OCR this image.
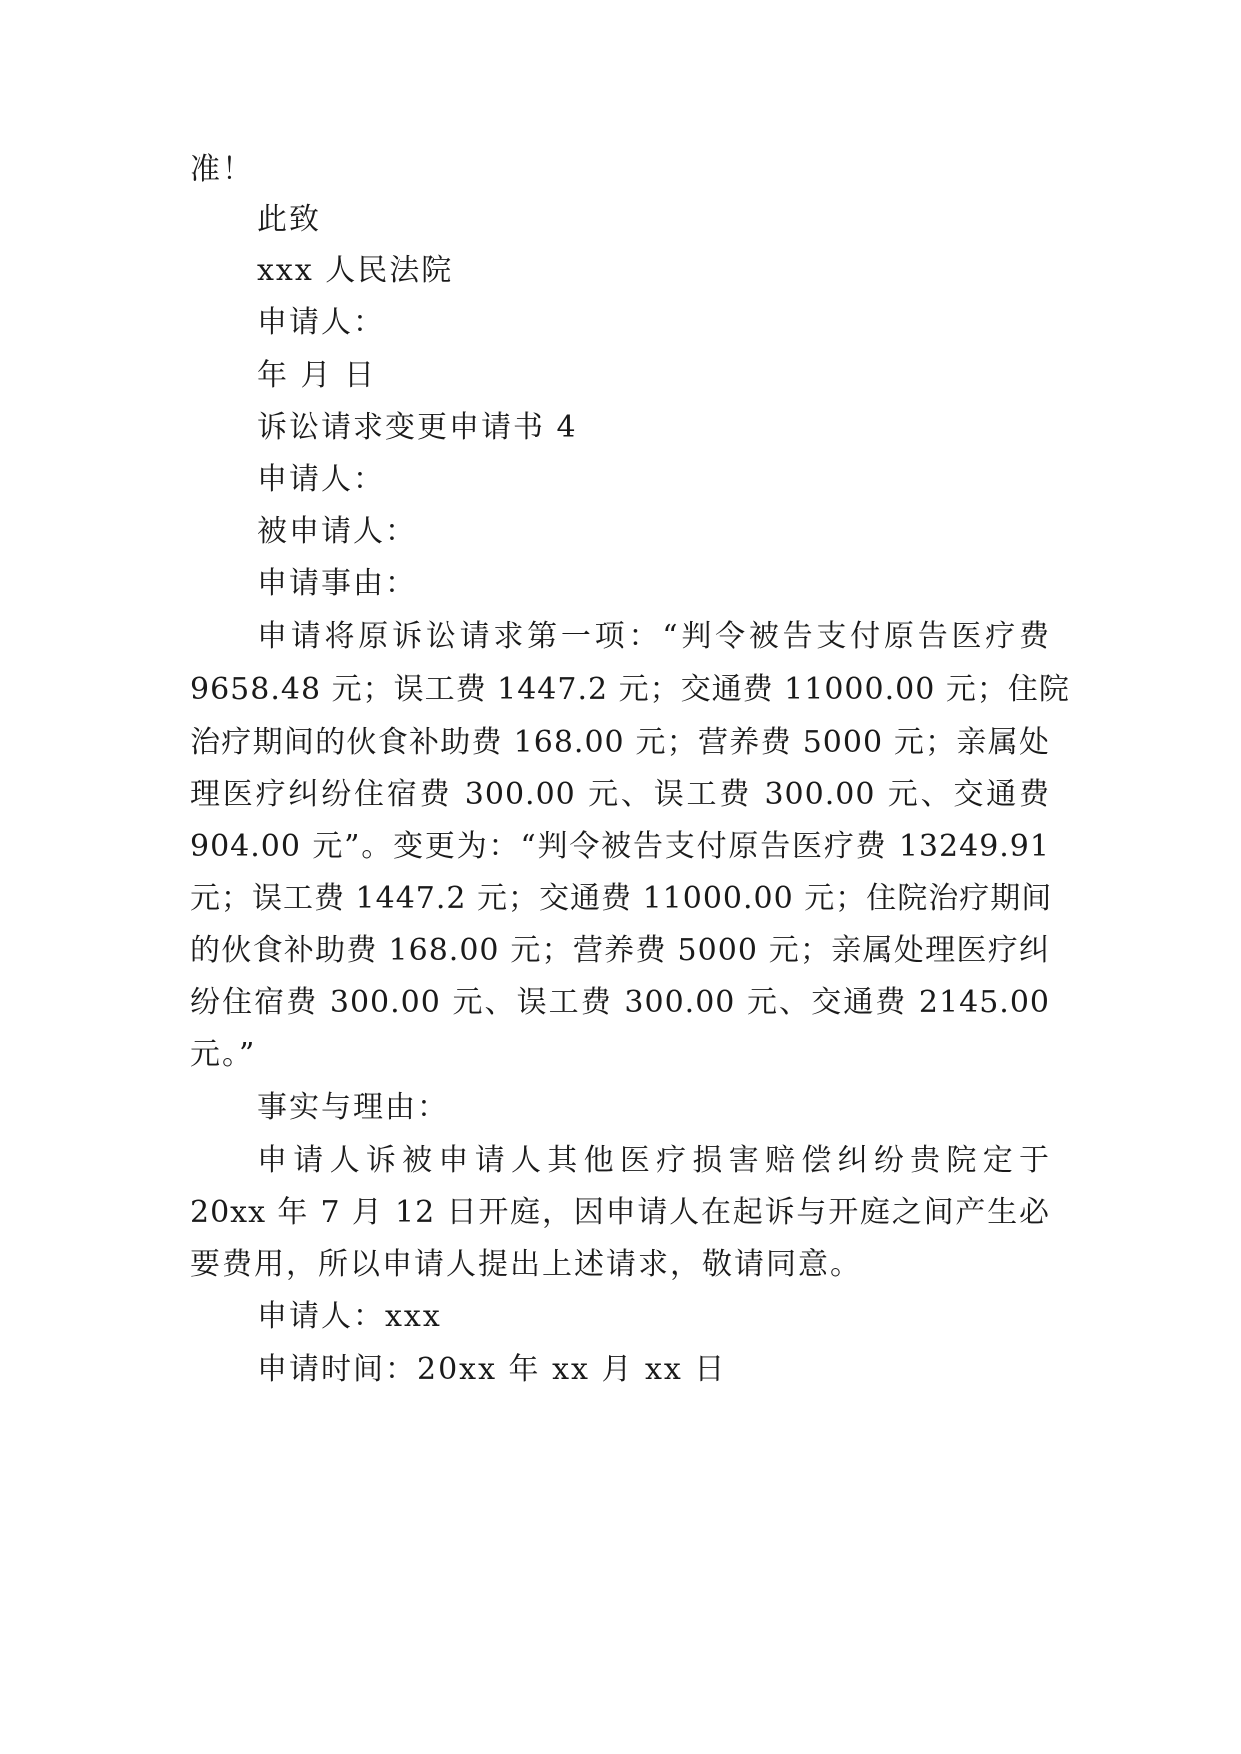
准！
此致
xxx 人民法院
申请人：
年 月 日
诉讼请求变更申请书 4
申请人：
被申请人：
申请事由：
申请将原诉讼请求第一项：“判令被告支付原告医疗费
9658.48 元；误工费 1447.2 元；交通费 11000.00 元；住院
治疗期间的伙食补助费 168.00 元；营养费 5000 元；亲属处
理医疗纠纷住宿费 300.00 元、误工费 300.00 元、交通费
904.00 元”。变更为：“判令被告支付原告医疗费 13249.91
元；误工费 1447.2 元；交通费 11000.00 元；住院治疗期间
的伙食补助费 168.00 元；营养费 5000 元；亲属处理医疗纠
纷住宿费 300.00 元、误工费 300.00 元、交通费 2145.00
元。”
事实与理由：
申请人诉被申请人其他医疗损害赔偿纠纷贵院定于
20xx 年 7 月 12 日开庭，因申请人在起诉与开庭之间产生必
要费用，所以申请人提出上述请求，敬请同意。
申请人：xxx
申请时间：20xx 年 xx 月 xx 日
